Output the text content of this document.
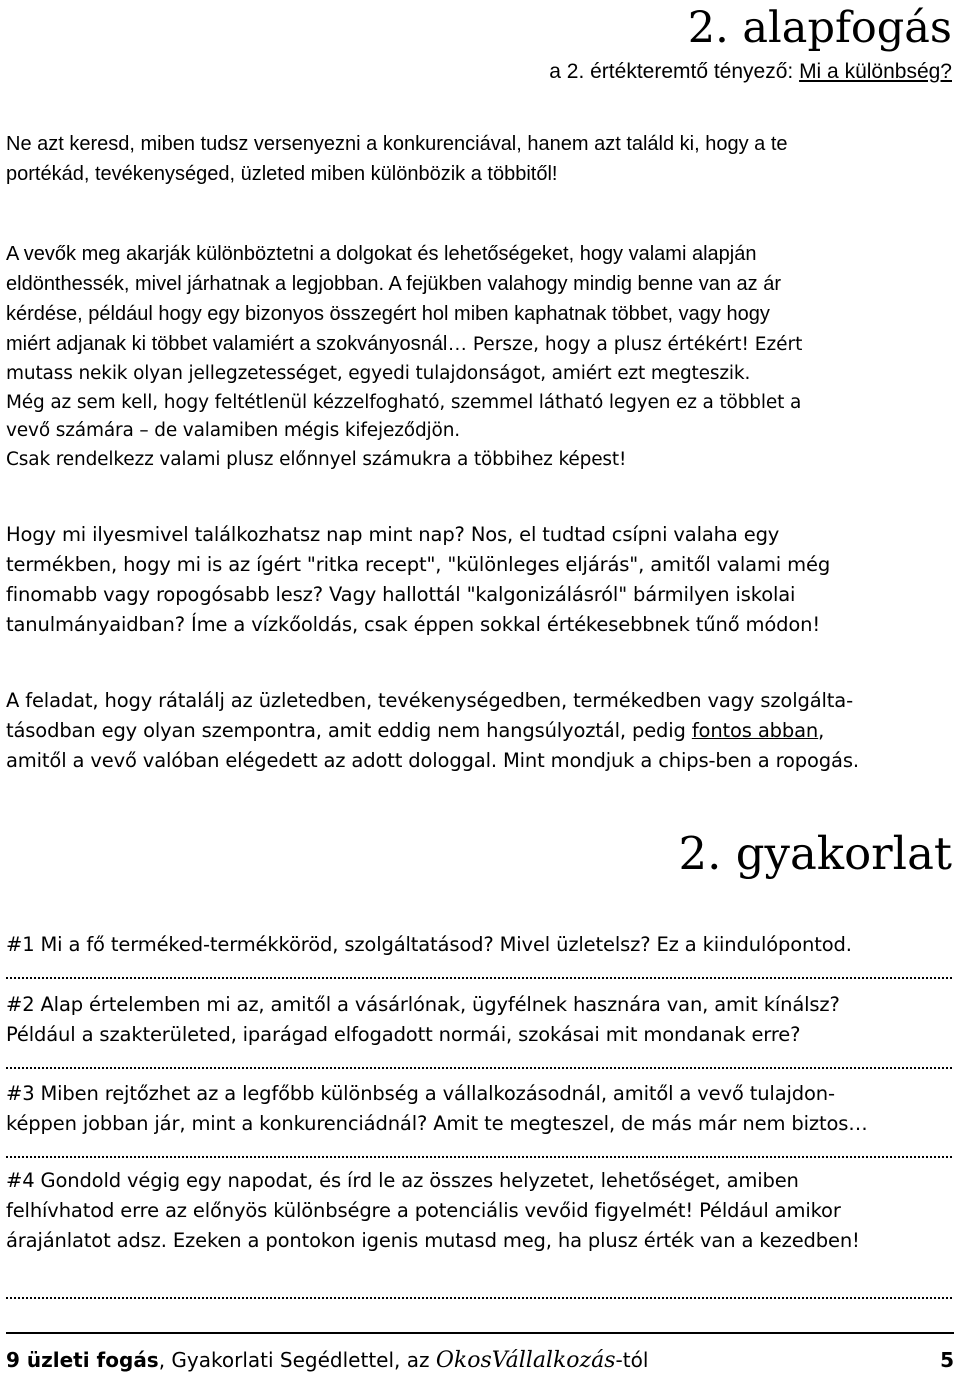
2. alapfogás
a 2. értékteremtő tényező: Mi a különbség?
Ne azt keresd, miben tudsz versenyezni a konkurenciával, hanem azt találd ki, hogy a te
portékád, tevékenységed, üzleted miben különbözik a többitől!
A vevők meg akarják különböztetni a dolgokat és lehetőségeket, hogy valami alapján
eldönthessék, mivel járhatnak a legjobban. A fejükben valahogy mindig benne van az ár
kérdése, például hogy egy bizonyos összegért hol miben kaphatnak többet, vagy hogy
miért adjanak ki többet valamiért a szokványosnál… Persze, hogy a plusz értékért! Ezért
mutass nekik olyan jellegzetességet, egyedi tulajdonságot, amiért ezt megteszik.
Még az sem kell, hogy feltétlenül kézzelfogható, szemmel látható legyen ez a többlet a
vevő számára – de valamiben mégis kifejeződjön.
Csak rendelkezz valami plusz előnnyel számukra a többihez képest!
Hogy mi ilyesmivel találkozhatsz nap mint nap? Nos, el tudtad csípni valaha egy
termékben, hogy mi is az ígért "ritka recept", "különleges eljárás", amitől valami még
finomabb vagy ropogósabb lesz? Vagy hallottál "kalgonizálásról" bármilyen iskolai
tanulmányaidban? Íme a vízkőoldás, csak éppen sokkal értékesebbnek tűnő módon!
A feladat, hogy rátalálj az üzletedben, tevékenységedben, termékedben vagy szolgálta-
tásodban egy olyan szempontra, amit eddig nem hangsúlyoztál, pedig fontos abban,
amitől a vevő valóban elégedett az adott dologgal. Mint mondjuk a chips-ben a ropogás.
2. gyakorlat
#1 Mi a fő terméked-termékköröd, szolgáltatásod? Mivel üzletelsz? Ez a kiindulópontod.
#2 Alap értelemben mi az, amitől a vásárlónak, ügyfélnek hasznára van, amit kínálsz?
Például a szakterületed, iparágad elfogadott normái, szokásai mit mondanak erre?
#3 Miben rejtőzhet az a legfőbb különbség a vállalkozásodnál, amitől a vevő tulajdon-
képpen jobban jár, mint a konkurenciádnál? Amit te megteszel, de más már nem biztos…
#4 Gondold végig egy napodat, és írd le az összes helyzetet, lehetőséget, amiben
felhívhatod erre az előnyös különbségre a potenciális vevőid figyelmét! Például amikor
árajánlatot adsz. Ezeken a pontokon igenis mutasd meg, ha plusz érték van a kezedben!
9 üzleti fogás, Gyakorlati Segédlettel, az OkosVállalkozás-tól	5
